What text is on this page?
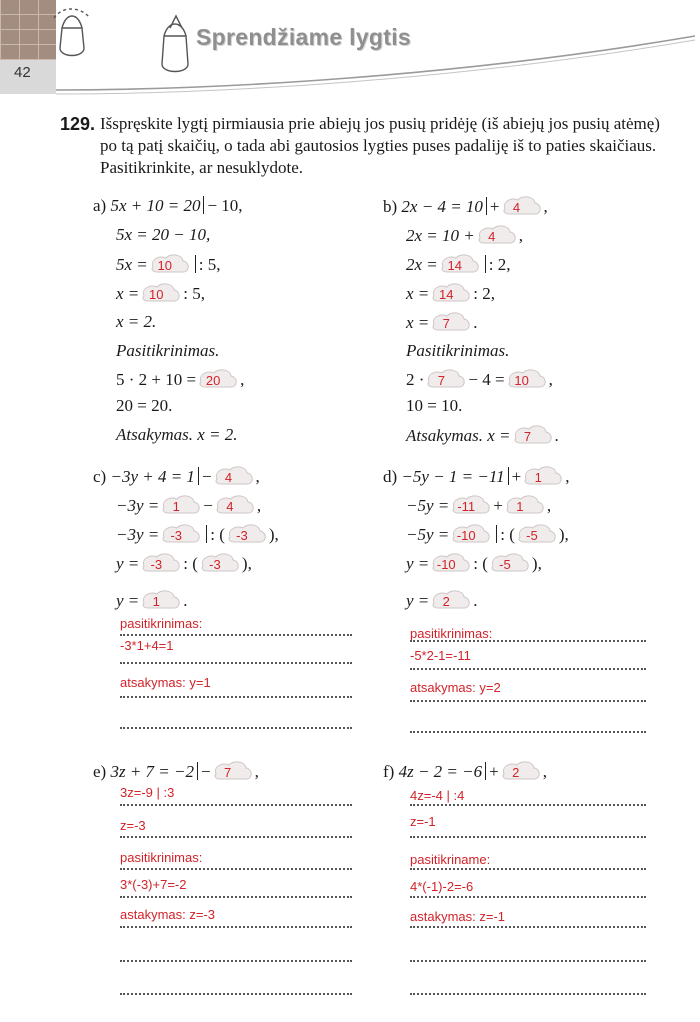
42
Sprendžiame lygtis
129. Išspręskite lygtį pirmiausia prie abiejų jos pusių pridėję (iš abiejų jos pusių atėmę) po tą patį skaičių, o tada abi gautosios lygties puses padaliję iš to paties skaičiaus. Pasitikrinkite, ar nesuklydote.
a) 5x + 10 = 20 − 10,
5x = 20 − 10,
5x = 10	: 5,
x = 10	: 5,
x = 2.
Pasitikrinimas.
5 · 2 + 10 = 20	,
20 = 20.
Atsakymas. x = 2.
b) 2x − 4 = 10 +	4	,
2x = 10 +	4	,
2x = 14	: 2,
x = 14	: 2,
x =	7	.
Pasitikrinimas.
2 ·	7	− 4 = 10	,
10 = 10.
Atsakymas. x =	7	.
c) −3y + 4 = 1 −	4	,
−3y =	1	−	4	,
−3y = -3	: ( -3	),
y = -3	: ( -3	),
y =	1	.
pasitikrinimas:
-3*1+4=1
atsakymas: y=1
d) −5y − 1 = −11 +	1	,
−5y = -11	+	1	,
−5y = -10	: ( -5	),
y = -10	: ( -5	),
y =	2	.
pasitikrinimas:
-5*2-1=-11
atsakymas: y=2
e) 3z + 7 = −2 −	7	,
3z=-9 | :3
z=-3
pasitikrinimas:
3*(-3)+7=-2
astakymas: z=-3
f) 4z − 2 = −6 +	2	,
4z=-4 | :4
z=-1
pasitikriname:
4*(-1)-2=-6
astakymas: z=-1
